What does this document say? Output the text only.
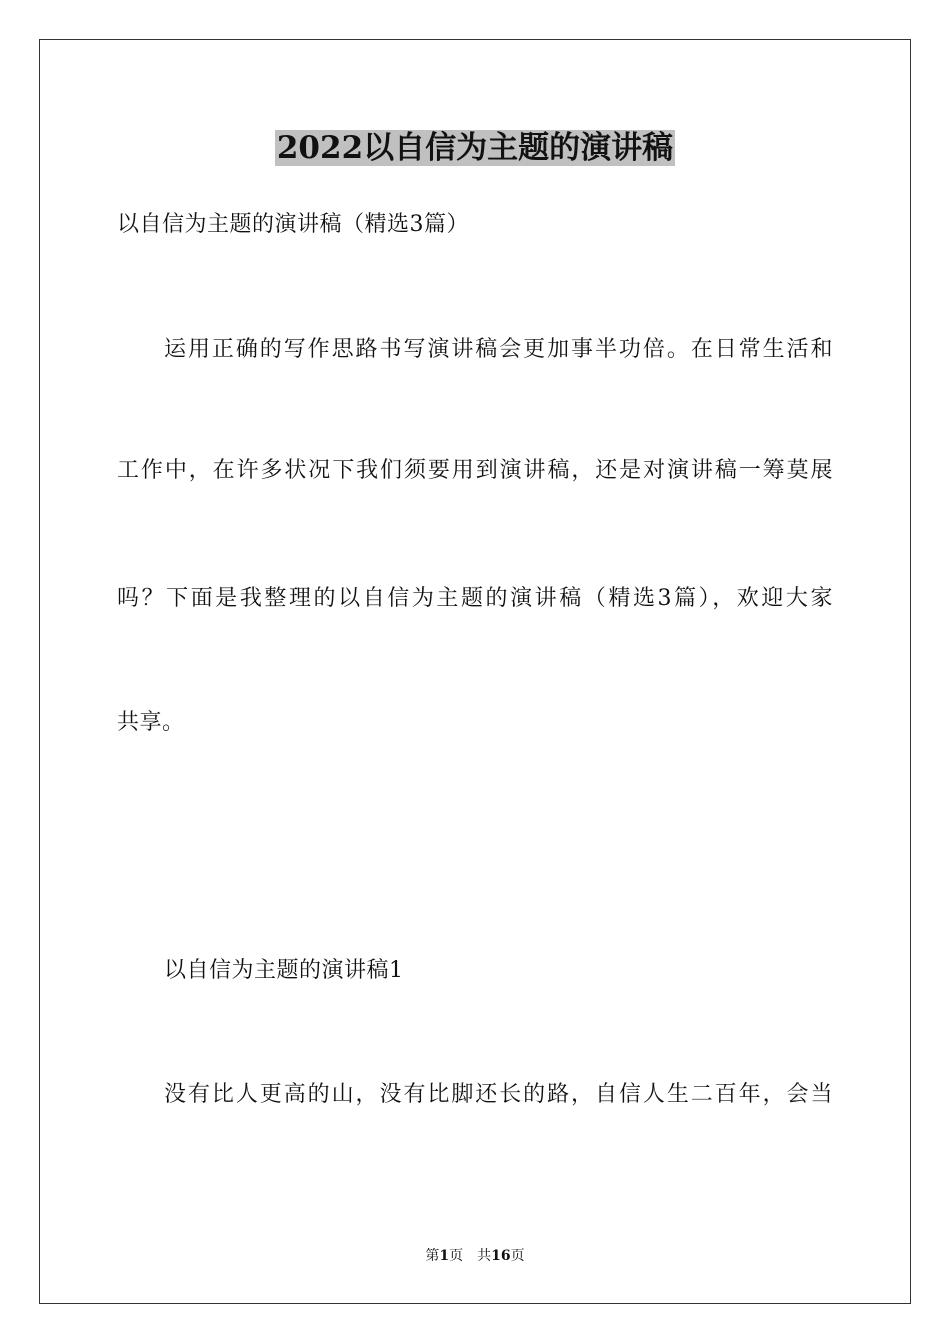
2022以自信为主题的演讲稿
以自信为主题的演讲稿（精选3篇）
运用正确的写作思路书写演讲稿会更加事半功倍。在日常生活和
工作中，在许多状况下我们须要用到演讲稿，还是对演讲稿一筹莫展
吗？下面是我整理的以自信为主题的演讲稿（精选3篇），欢迎大家
共享。
以自信为主题的演讲稿1
没有比人更高的山，没有比脚还长的路，自信人生二百年，会当
第1页　共16页
